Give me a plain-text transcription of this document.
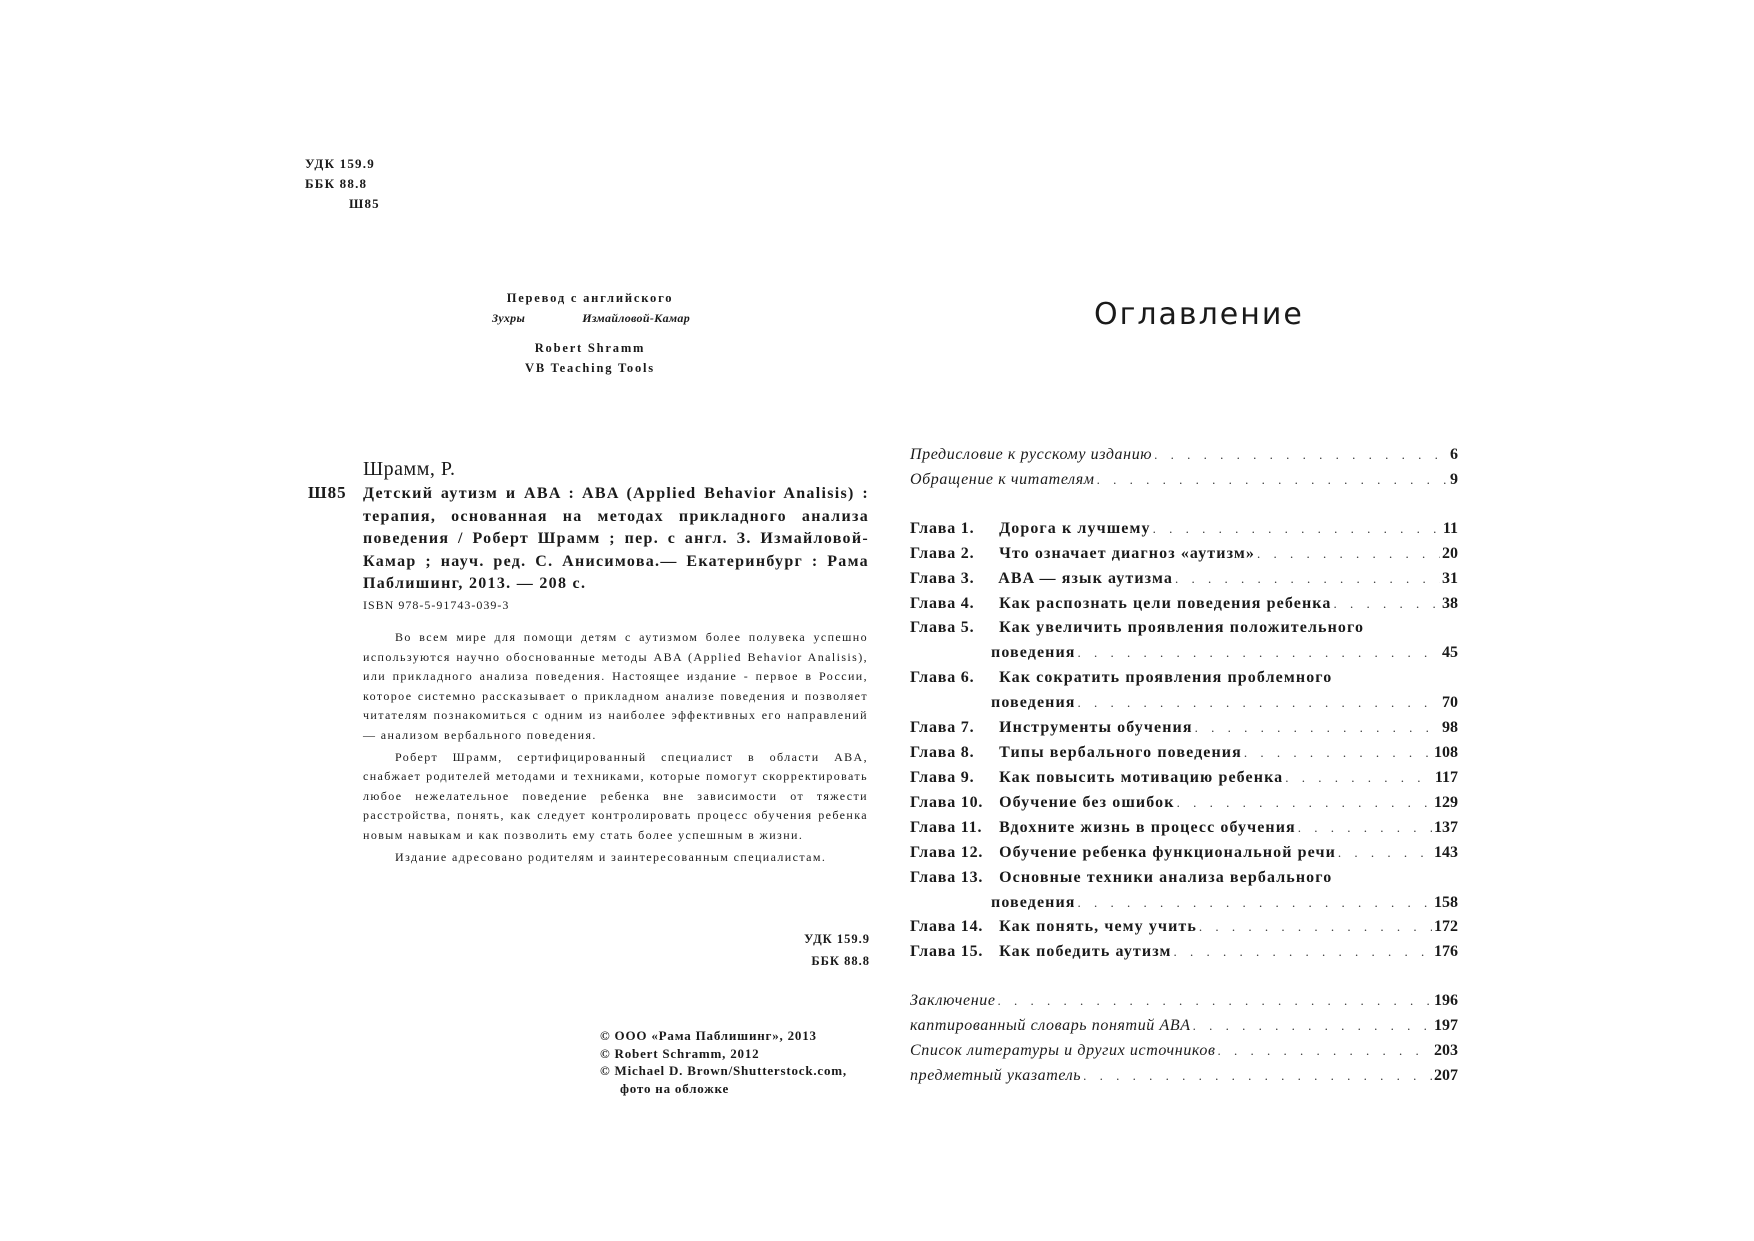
УДК 159.9
ББК 88.8
Ш85
Перевод с английского
Зухры	Измайловой-Камар
Robert Shramm
VB Teaching Tools
Шрамм, Р.
Ш85 Детский аутизм и ABA : ABA (Applied Behavior Analisis) : терапия, основанная на методах прикладного анализа поведения / Роберт Шрамм ; пер. с англ. З. Измайловой-Камар ; науч. ред. С. Анисимова.— Екатеринбург : Рама Паблишинг, 2013. — 208 с.
ISBN 978-5-91743-039-3

Во всем мире для помощи детям с аутизмом более полувека успешно используются научно обоснованные методы ABA (Applied Behavior Analisis), или прикладного анализа поведения. Настоящее издание - первое в России, которое системно рассказывает о прикладном анализе поведения и позволяет читателям познакомиться с одним из наиболее эффективных его направлений — анализом вербального поведения.

Роберт Шрамм, сертифицированный специалист в области ABA, снабжает родителей методами и техниками, которые помогут скорректировать любое нежелательное поведение ребенка вне зависимости от тяжести расстройства, понять, как следует контролировать процесс обучения ребенка новым навыкам и как позволить ему стать более успешным в жизни.

Издание адресовано родителям и заинтересованным специалистам.

УДК 159.9
ББК 88.8
© ООО «Рама Паблишинг», 2013
© Robert Schramm, 2012
© Michael D. Brown/Shutterstock.com,
фото на обложке
Оглавление
Предисловие к русскому изданию . . .	6
Обращение к читателям . . .	9
Глава 1. Дорога к лучшему . . .	11
Глава 2. Что означает диагноз «аутизм» . . .	20
Глава 3. ABA — язык аутизма . . .	31
Глава 4. Как распознать цели поведения ребенка . . .	38
Глава 5. Как увеличить проявления положительного
поведения . . .	45
Глава 6. Как сократить проявления проблемного
поведения . . .	70
Глава 7. Инструменты обучения . . .	98
Глава 8. Типы вербального поведения . . .	108
Глава 9. Как повысить мотивацию ребенка . . .	117
Глава 10. Обучение без ошибок . . .	129
Глава 11. Вдохните жизнь в процесс обучения . . .	137
Глава 12. Обучение ребенка функциональной речи . . .	143
Глава 13. Основные техники анализа вербального
поведения . . .	158
Глава 14. Как понять, чему учить . . .	172
Глава 15. Как победить аутизм . . .	176
Заключение . . .	196
каптированный словарь понятий ABA . . .	197
Список литературы и других источников . . .	203
предметный указатель . . .	207
